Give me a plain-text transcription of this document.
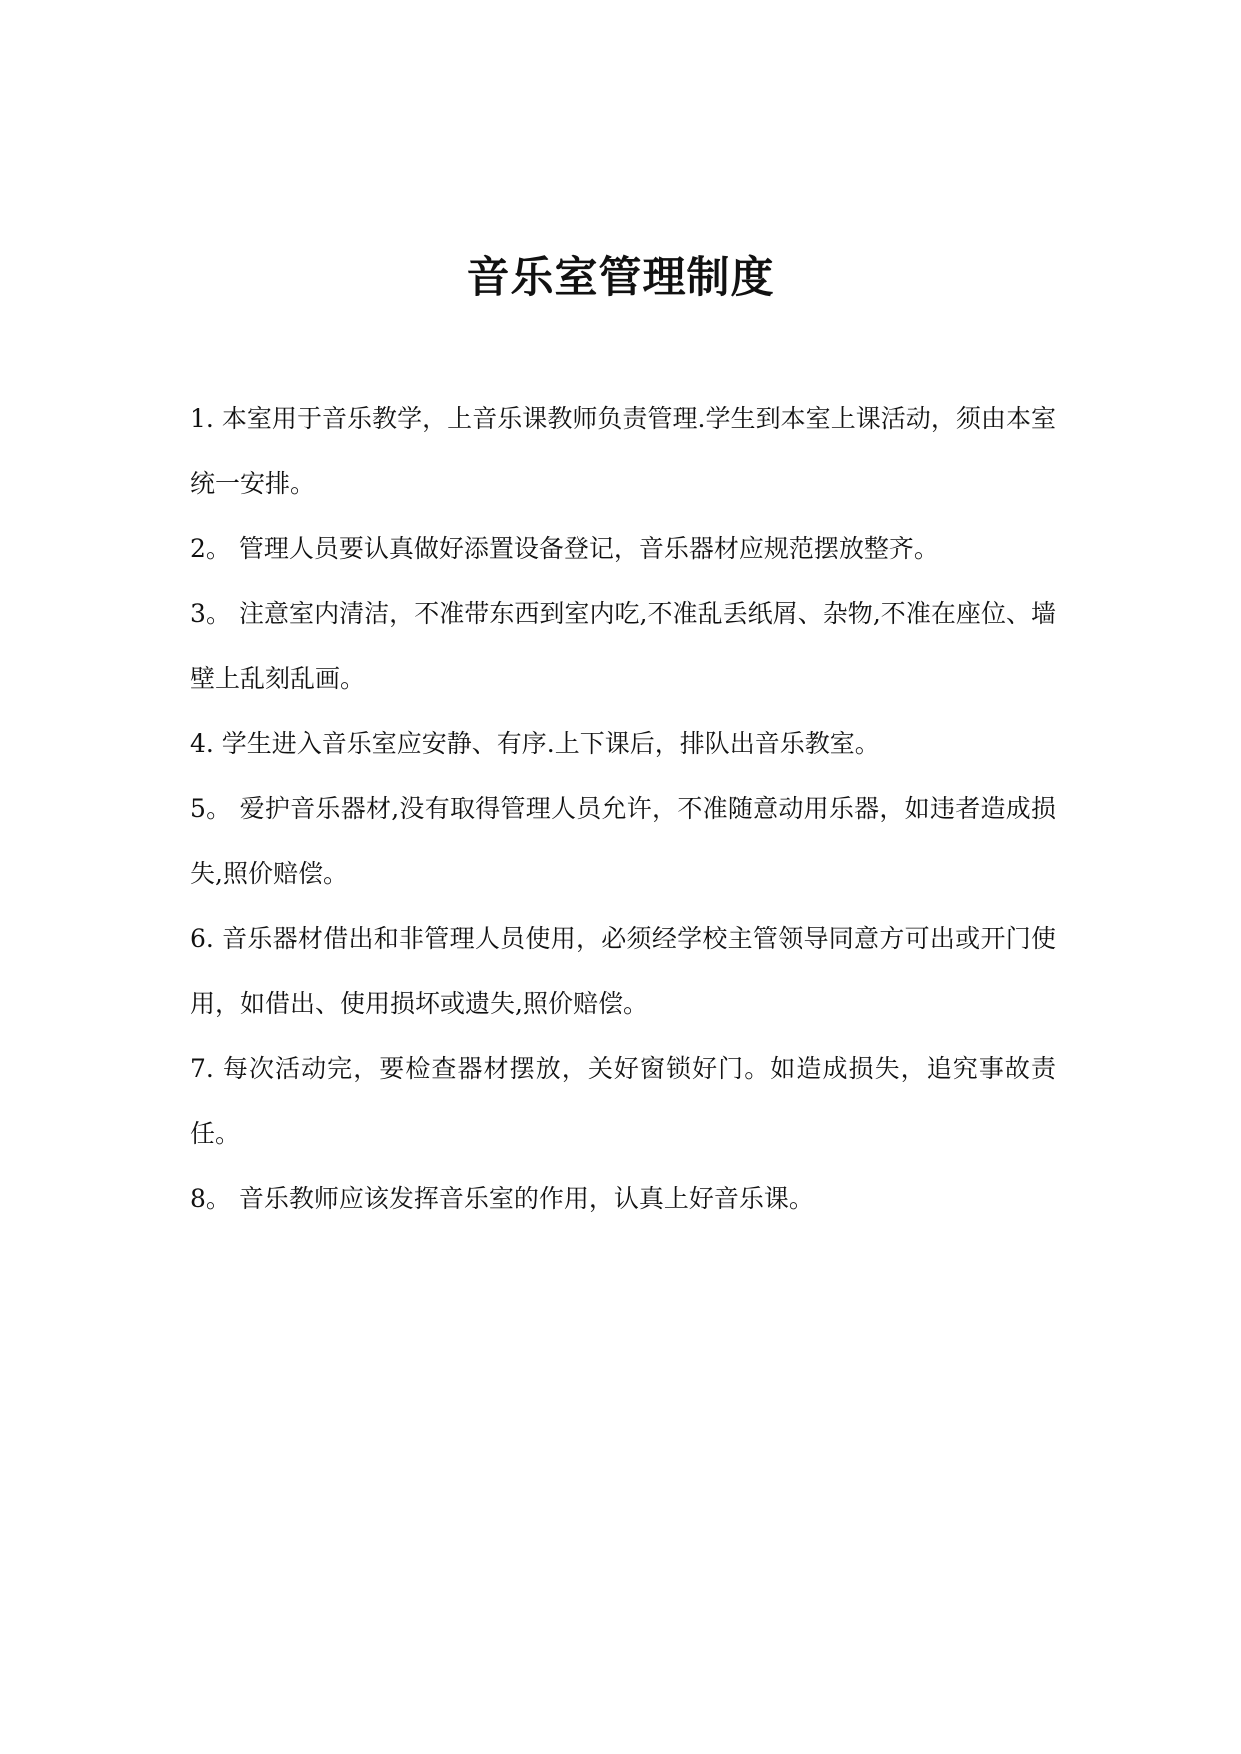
音乐室管理制度
1. 本室用于音乐教学，上音乐课教师负责管理.学生到本室上课活动，须由本室统一安排。
2。 管理人员要认真做好添置设备登记，音乐器材应规范摆放整齐。
3。 注意室内清洁，不准带东西到室内吃,不准乱丢纸屑、杂物,不准在座位、墙壁上乱刻乱画。
4. 学生进入音乐室应安静、有序.上下课后，排队出音乐教室。
5。 爱护音乐器材,没有取得管理人员允许，不准随意动用乐器，如违者造成损失,照价赔偿。
6. 音乐器材借出和非管理人员使用，必须经学校主管领导同意方可出或开门使用，如借出、使用损坏或遗失,照价赔偿。
7. 每次活动完，要检查器材摆放，关好窗锁好门。如造成损失，追究事故责任。
8。 音乐教师应该发挥音乐室的作用，认真上好音乐课。
